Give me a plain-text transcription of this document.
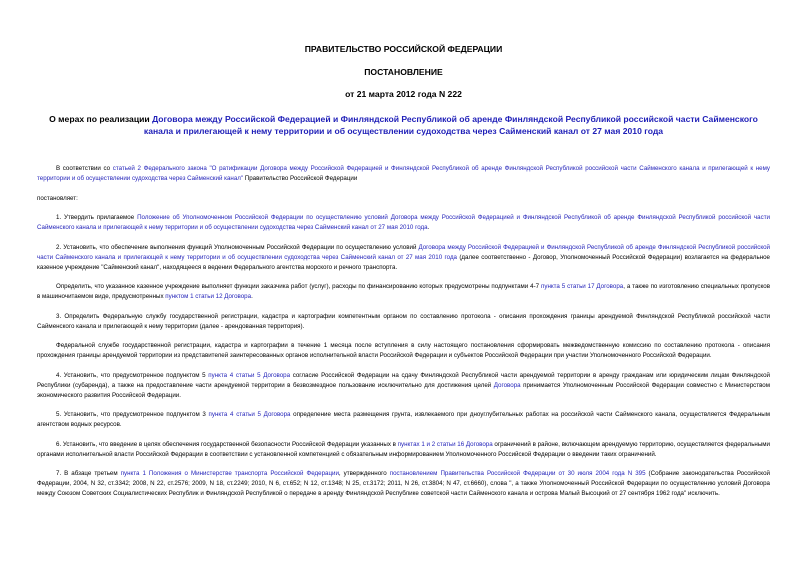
ПРАВИТЕЛЬСТВО РОССИЙСКОЙ ФЕДЕРАЦИИ
ПОСТАНОВЛЕНИЕ
от 21 марта 2012 года N 222
О мерах по реализации Договора между Российской Федерацией и Финляндской Республикой об аренде Финляндской Республикой российской части Сайменского канала и прилегающей к нему территории и об осуществлении судоходства через Сайменский канал от 27 мая 2010 года

В соответствии со статьей 2 Федерального закона "О ратификации Договора между Российской Федерацией и Финляндской Республикой об аренде Финляндской Республикой российской части Сайменского канала и прилегающей к нему территории и об осуществлении судоходства через Сайменский канал" Правительство Российской Федерации

постановляет:

1. Утвердить прилагаемое Положение об Уполномоченном Российской Федерации по осуществлению условий Договора между Российской Федерацией и Финляндской Республикой об аренде Финляндской Республикой российской части Сайменского канала и прилегающей к нему территории и об осуществлении судоходства через Сайменский канал от 27 мая 2010 года.

2. Установить, что обеспечение выполнения функций Уполномоченным Российской Федерации по осуществлению условий Договора между Российской Федерацией и Финляндской Республикой об аренде Финляндской Республикой российской части Сайменского канала и прилегающей к нему территории и об осуществлении судоходства через Сайменский канал от 27 мая 2010 года (далее соответственно - Договор, Уполномоченный Российской Федерации) возлагается на федеральное казенное учреждение "Сайменский канал", находящееся в ведении Федерального агентства морского и речного транспорта.

Определить, что указанное казенное учреждение выполняет функции заказчика работ (услуг), расходы по финансированию которых предусмотрены подпунктами 4-7 пункта 5 статьи 17 Договора, а также по изготовлению специальных пропусков в машиночитаемом виде, предусмотренных пунктом 1 статьи 12 Договора.

3. Определить Федеральную службу государственной регистрации, кадастра и картографии компетентным органом по составлению протокола - описания прохождения границы арендуемой Финляндской Республикой российской части Сайменского канала и прилегающей к нему территории (далее - арендованная территория).

Федеральной службе государственной регистрации, кадастра и картографии в течение 1 месяца после вступления в силу настоящего постановления сформировать межведомственную комиссию по составлению протокола - описания прохождения границы арендуемой территории из представителей заинтересованных органов исполнительной власти Российской Федерации и субъектов Российской Федерации при участии Уполномоченного Российской Федерации.

4. Установить, что предусмотренное подпунктом 5 пункта 4 статьи 5 Договора согласие Российской Федерации на сдачу Финляндской Республикой части арендуемой территории в аренду гражданам или юридическим лицам Финляндской Республики (субаренда), а также на предоставление части арендуемой территории в безвозмездное пользование исключительно для достижения целей Договора принимается Уполномоченным Российской Федерации совместно с Министерством экономического развития Российской Федерации.

5. Установить, что предусмотренное подпунктом 3 пункта 4 статьи 5 Договора определение места размещения грунта, извлекаемого при дноуглубительных работах на российской части Сайменского канала, осуществляется Федеральным агентством водных ресурсов.

6. Установить, что введение в целях обеспечения государственной безопасности Российской Федерации указанных в пунктах 1 и 2 статьи 16 Договора ограничений в районе, включающем арендуемую территорию, осуществляется федеральными органами исполнительной власти Российской Федерации в соответствии с установленной компетенцией с обязательным информированием Уполномоченного Российской Федерации о введении таких ограничений.

7. В абзаце третьем пункта 1 Положения о Министерстве транспорта Российской Федерации, утвержденного постановлением Правительства Российской Федерации от 30 июля 2004 года N 395 (Собрание законодательства Российской Федерации, 2004, N 32, ст.3342; 2008, N 22, ст.2576; 2009, N 18, ст.2249; 2010, N 6, ст.652; N 12, ст.1348; N 25, ст.3172; 2011, N 26, ст.3804; N 47, ст.6660), слова ", а также Уполномоченный Российской Федерации по осуществлению условий Договора между Союзом Советских Социалистических Республик и Финляндской Республикой о передаче в аренду Финляндской Республике советской части Сайменского канала и острова Малый Высоцкий от 27 сентября 1962 года" исключить.
